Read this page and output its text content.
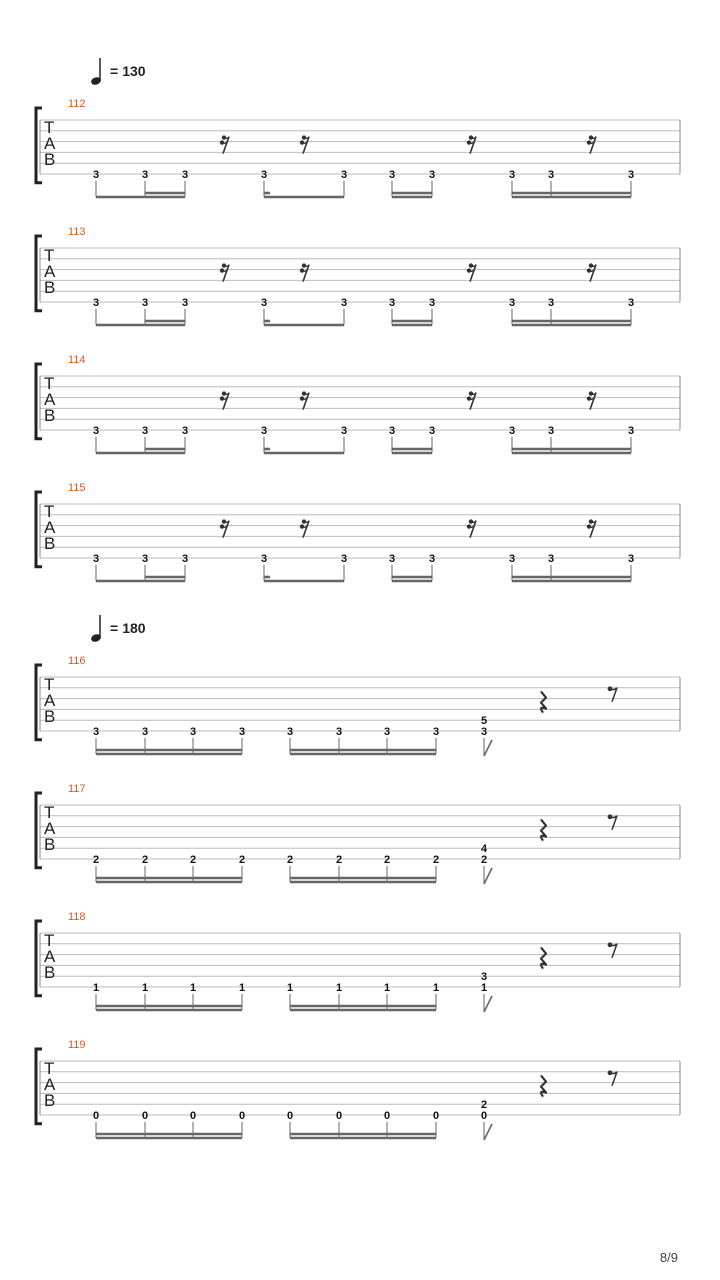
= 130
= 180
112
T
A
B
3	3	3	3	3	3	3	3	3	3
113
T
A
B
3	3	3	3	3	3	3	3	3	3
114
T
A
B
3	3	3	3	3	3	3	3	3	3
115
T
A
B
3	3	3	3	3	3	3	3	3	3
116
T
A
B
3	3	3	3	3	3	3	3	3
5
117
T
A
B
2	2	2	2	2	2	2	2	2
4
118
T
A
B
1	1	1	1	1	1	1	1	1
3
119
T
A
B
0	0	0	0	0	0	0	0	0
2
8/9
